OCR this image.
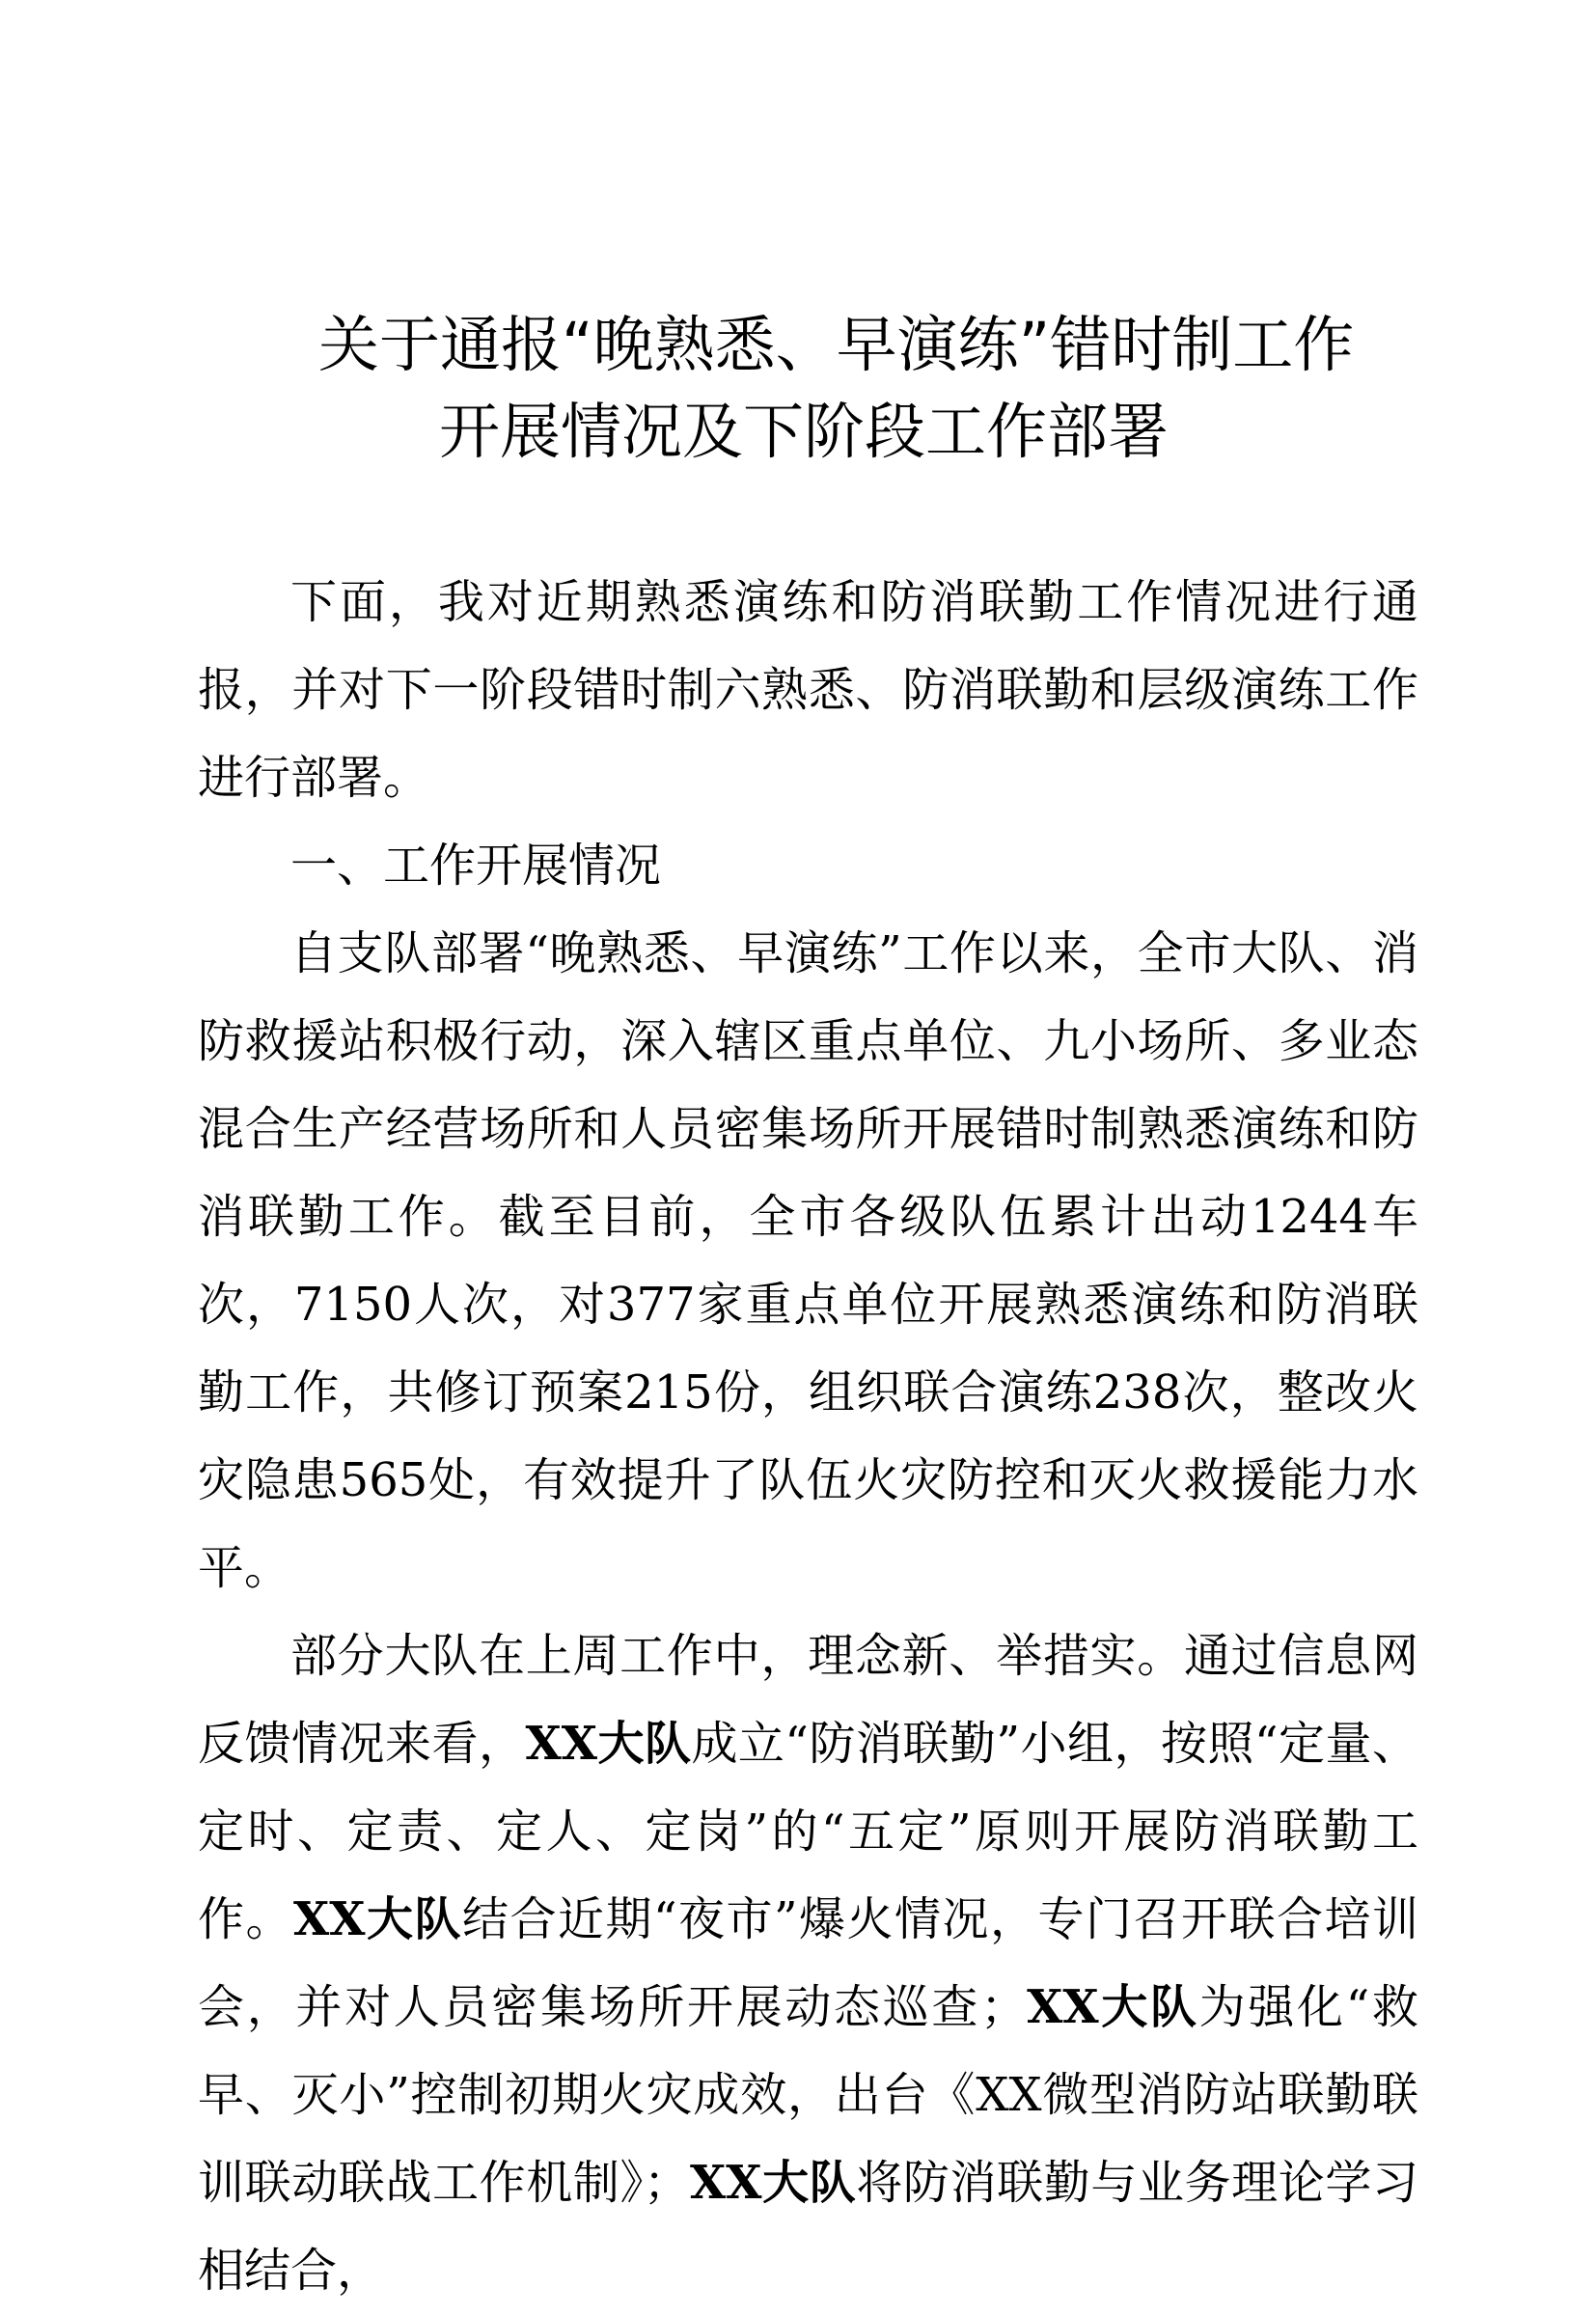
关于通报“晚熟悉、早演练”错时制工作
开展情况及下阶段工作部署

下面，我对近期熟悉演练和防消联勤工作情况进行通报，并对下一阶段错时制六熟悉、防消联勤和层级演练工作进行部署。

一、工作开展情况

自支队部署“晚熟悉、早演练”工作以来，全市大队、消防救援站积极行动，深入辖区重点单位、九小场所、多业态混合生产经营场所和人员密集场所开展错时制熟悉演练和防消联勤工作。截至目前，全市各级队伍累计出动1244车次，7150人次，对377家重点单位开展熟悉演练和防消联勤工作，共修订预案215份，组织联合演练238次，整改火灾隐患565处，有效提升了队伍火灾防控和灭火救援能力水平。

部分大队在上周工作中，理念新、举措实。通过信息网反馈情况来看，XX大队成立“防消联勤”小组，按照“定量、定时、定责、定人、定岗”的“五定”原则开展防消联勤工作。XX大队结合近期“夜市”爆火情况，专门召开联合培训会，并对人员密集场所开展动态巡查；XX大队为强化“救早、灭小”控制初期火灾成效，出台《XX微型消防站联勤联训联动联战工作机制》；XX大队将防消联勤与业务理论学习相结合，
